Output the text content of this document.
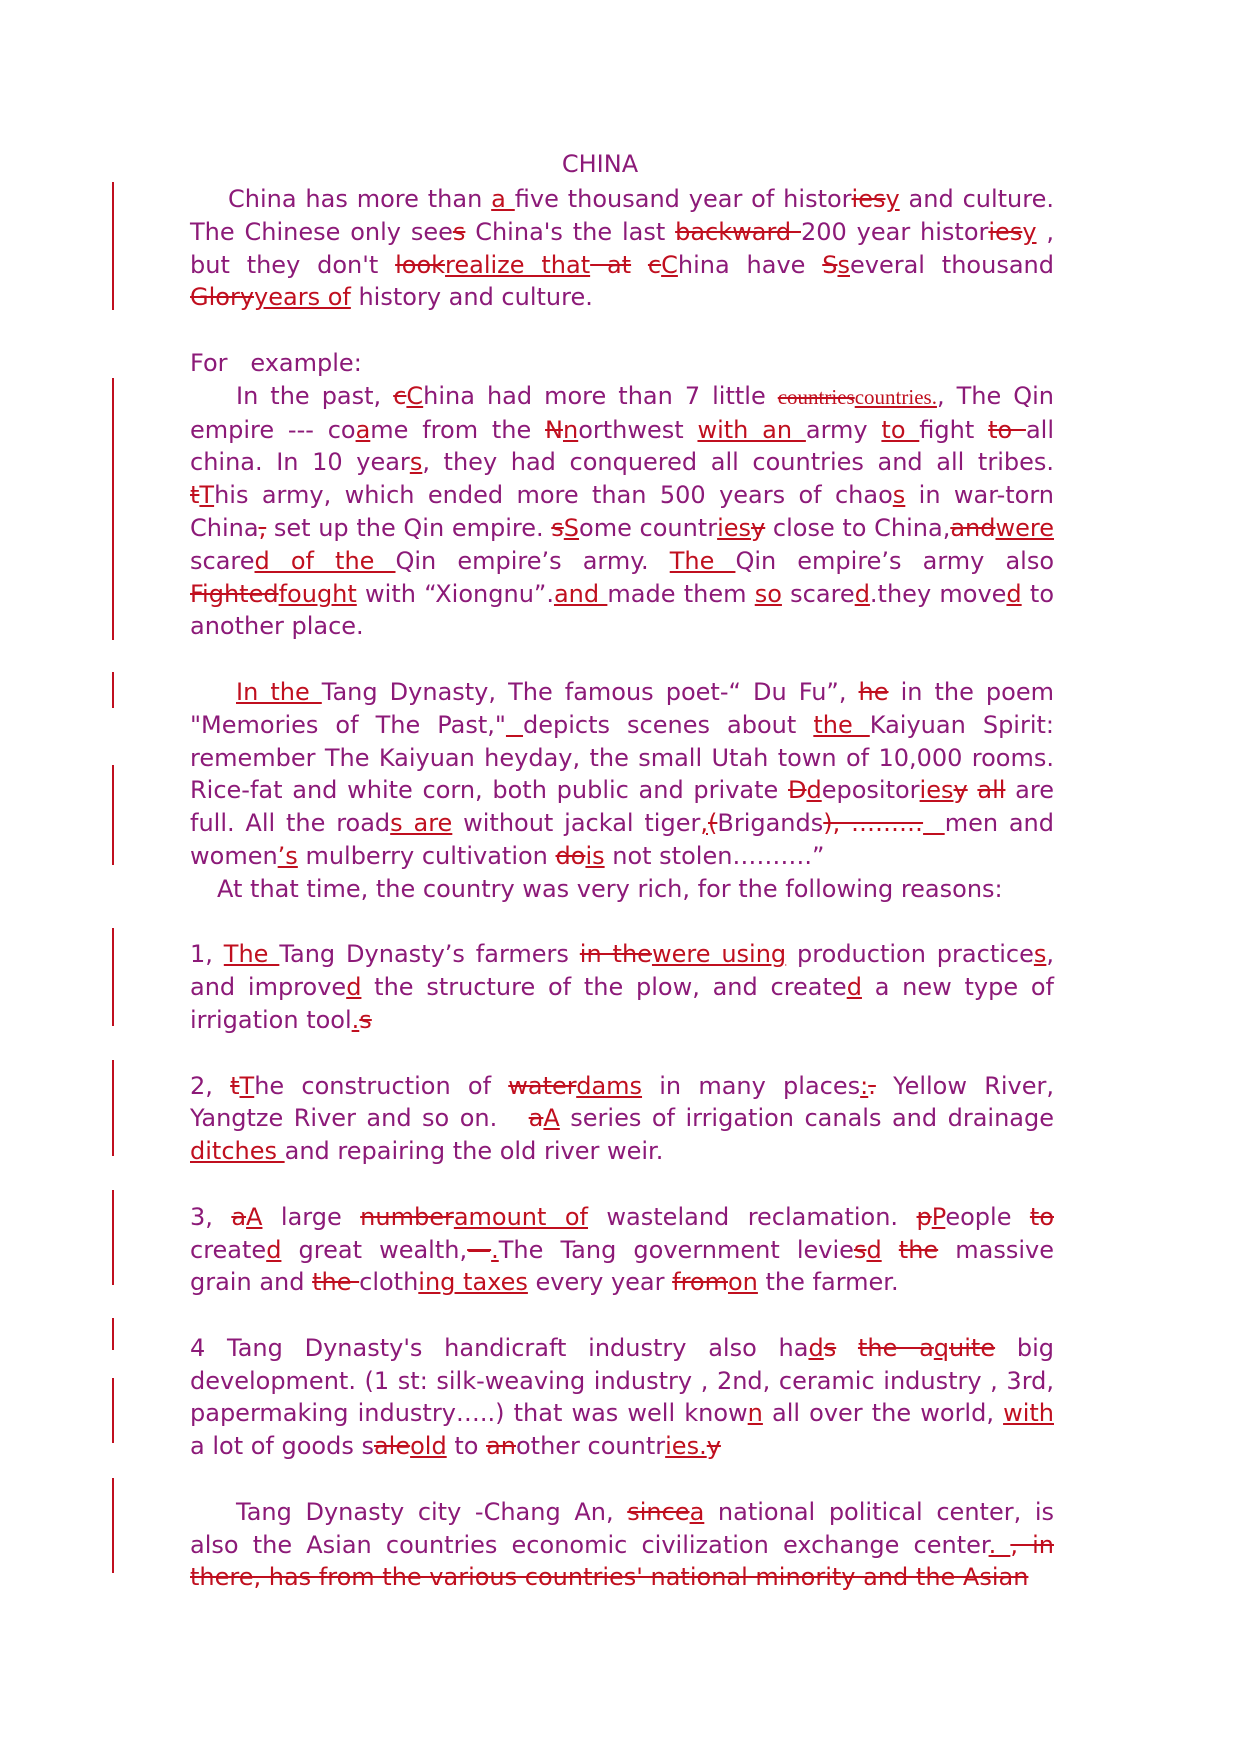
CHINA

China has more than a five thousand year of historiesy and culture. The Chinese only sees China's the last backward 200 year historiesy , but they don't lookrealize that at cChina have Sseveral thousand Gloryyears of history and culture.

For   example:

In the past, cChina had more than 7 little countriescountries., The Qin empire --- coame from the Nnorthwest with an army to fight to all china. In 10 years, they had conquered all countries and all tribes. tThis army, which ended more than 500 years of chaos in war-torn China, set up the Qin empire. sSome countriesy close to China,andwere scared of the Qin empire’s army. The Qin empire’s army also Fightedfought with “Xiongnu”.and made them so scared.they moved to another place.

In the Tang Dynasty, The famous poet-“ Du Fu”, he in the poem "Memories of The Past," depicts scenes about the Kaiyuan Spirit: remember The Kaiyuan heyday, the small Utah town of 10,000 rooms. Rice-fat and white corn, both public and private Ddepositoriesy all are full. All the roads are without jackal tiger,(Brigands), ……… men and women’s mulberry cultivation dois not stolen……….”

At that time, the country was very rich, for the following reasons:

1, The Tang Dynasty’s farmers in thewere using production practices, and improved the structure of the plow, and created a new type of irrigation tool.s

2, tThe construction of waterdams in many places:. Yellow River, Yangtze River and so on.   aA series of irrigation canals and drainage ditches and repairing the old river weir.

3, aA large numberamount of wasteland reclamation. pPeople to created great wealth,—.The Tang government leviesd the massive grain and the clothing taxes every year fromon the farmer.

4 Tang Dynasty's handicraft industry also hads the aquite big development. (1 st: silk-weaving industry , 2nd, ceramic industry , 3rd, papermaking industry…..) that was well known all over the world, with a lot of goods saleold to another countries.y

Tang Dynasty city -Chang An, sincea national political center, is also the Asian countries economic civilization exchange center. , in there, has from the various countries' national minority and the Asian
